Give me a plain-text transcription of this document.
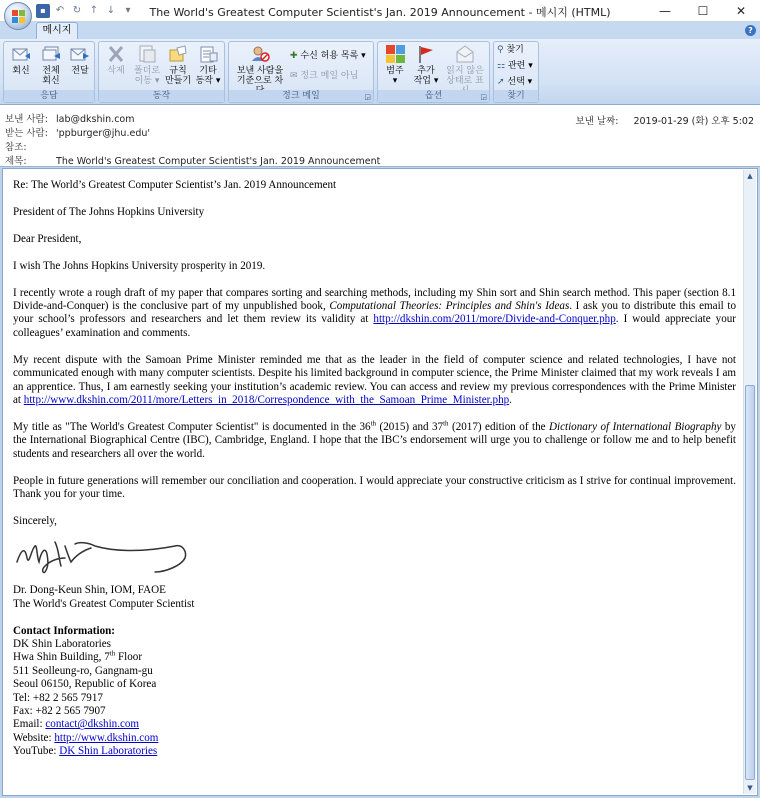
▪	↶ ↻ ↑ ↓	▾	The World's Greatest Computer Scientist's Jan. 2019 Announcement - 메시지 (HTML)	—	☐	✕
메시지	?
회신	전체
회신
전달
응답
삭제	폴더로
이동 ▾
규칙
만들기
기타
동작 ▾
동작
보낸 사람을
기준으로 차
✚ 수신 허용 목록 ▾
✉ 정크 메일 아님
정크 메일	◲
범주
▾
추가
작업 ▾
읽지 않은
상태로 표
옵션	◲
⚲ 찾기
⚏ 관련 ▾
➚ 선택 ▾
찾기
보낸 사람: lab@dkshin.com
받는 사람: 'ppburger@jhu.edu'
참조:
제목:	The World's Greatest Computer Scientist's Jan. 2019 Announcement
보낸 날짜: 2019-01-29 (화) 오후 5:02

Re: The World’s Greatest Computer Scientist’s Jan. 2019 Announcement

President of The Johns Hopkins University

Dear President,

I wish The Johns Hopkins University prosperity in 2019.

I recently wrote a rough draft of my paper that compares sorting and searching methods, including my Shin sort and Shin search method. This paper (section 8.1 Divide-and-Conquer) is the conclusive part of my unpublished book, Computational Theories: Principles and Shin's Ideas. I ask you to distribute this email to your school’s professors and researchers and let them review its validity at http://dkshin.com/2011/more/Divide-and-Conquer.php. I would appreciate your colleagues’ examination and comments.

My recent dispute with the Samoan Prime Minister reminded me that as the leader in the field of computer science and related technologies, I have not communicated enough with many computer scientists. Despite his limited background in computer science, the Prime Minister claimed that my work reveals I am an apprentice. Thus, I am earnestly seeking your institution’s academic review. You can access and review my previous correspondences with the Prime Minister at http://www.dkshin.com/2011/more/Letters_in_2018/Correspondence_with_the_Samoan_Prime_Minister.php.

My title as "The World's Greatest Computer Scientist" is documented in the 36th (2015) and 37th (2017) edition of the Dictionary of International Biography by the International Biographical Centre (IBC), Cambridge, England. I hope that the IBC’s endorsement will urge you to challenge or follow me and to help benefit students and researchers all over the world.

People in future generations will remember our conciliation and cooperation. I would appreciate your constructive criticism as I strive for continual improvement. Thank you for your time.

Sincerely,

Dr. Dong-Keun Shin, IOM, FAOE

The World's Greatest Computer Scientist

Contact Information:

DK Shin Laboratories

Hwa Shin Building, 7th Floor

511 Seolleung-ro, Gangnam-gu

Seoul 06150, Republic of Korea

Tel: +82 2 565 7917

Fax: +82 2 565 7907

Email: contact@dkshin.com

Website: http://www.dkshin.com

YouTube: DK Shin Laboratories

▲
▼
